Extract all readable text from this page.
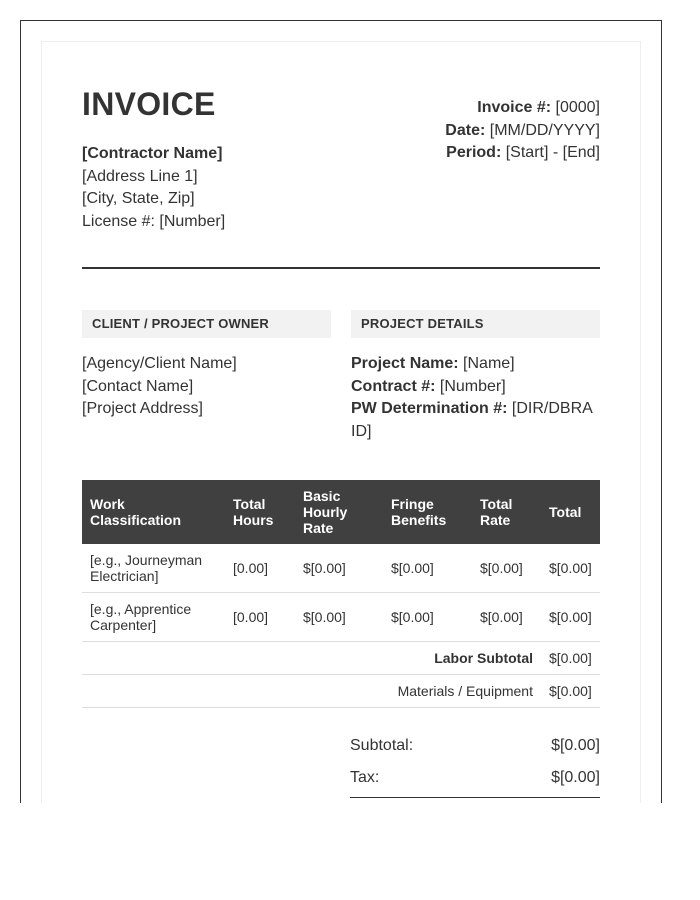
INVOICE
[Contractor Name]
[Address Line 1]
[City, State, Zip]
License #: [Number]
Invoice #: [0000]
Date: [MM/DD/YYYY]
Period: [Start] - [End]
CLIENT / PROJECT OWNER	PROJECT DETAILS
[Agency/Client Name]
[Contact Name]
[Project Address]
Project Name: [Name]
Contract #: [Number]
PW Determination #: [DIR/DBRA ID]
Work Classification	Total Hours	Basic Hourly Rate	Fringe Benefits	Total Rate	Total
[e.g., Journeyman Electrician]	[0.00]	$[0.00]	$[0.00]	$[0.00]	$[0.00]
[e.g., Apprentice Carpenter]	[0.00]	$[0.00]	$[0.00]	$[0.00]	$[0.00]
Labor Subtotal					$[0.00]
Materials / Equipment					$[0.00]
Subtotal:	$[0.00]
Tax:	$[0.00]
